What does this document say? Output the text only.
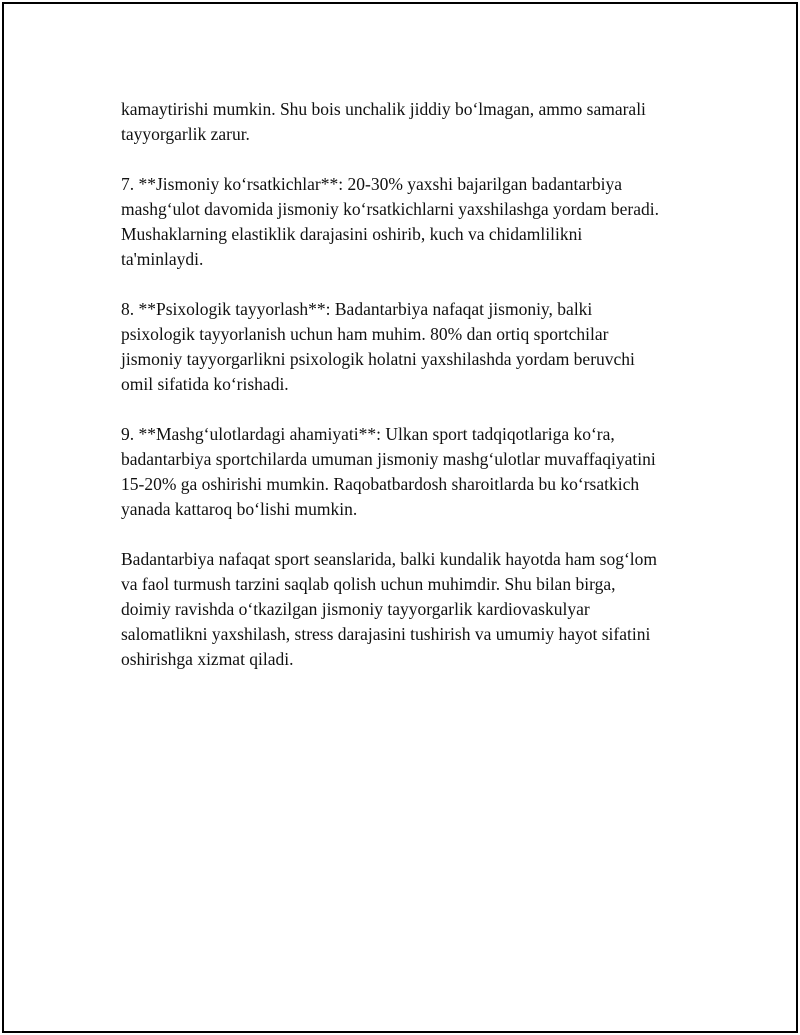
kamaytirishi mumkin. Shu bois unchalik jiddiy bo‘lmagan, ammo samarali
tayyorgarlik zarur.

7. **Jismoniy ko‘rsatkichlar**: 20-30% yaxshi bajarilgan badantarbiya
mashg‘ulot davomida jismoniy ko‘rsatkichlarni yaxshilashga yordam beradi.
Mushaklarning elastiklik darajasini oshirib, kuch va chidamlilikni
ta'minlaydi.

8. **Psixologik tayyorlash**: Badantarbiya nafaqat jismoniy, balki
psixologik tayyorlanish uchun ham muhim. 80% dan ortiq sportchilar
jismoniy tayyorgarlikni psixologik holatni yaxshilashda yordam beruvchi
omil sifatida ko‘rishadi.

9. **Mashg‘ulotlardagi ahamiyati**: Ulkan sport tadqiqotlariga ko‘ra,
badantarbiya sportchilarda umuman jismoniy mashg‘ulotlar muvaffaqiyatini
15-20% ga oshirishi mumkin. Raqobatbardosh sharoitlarda bu ko‘rsatkich
yanada kattaroq bo‘lishi mumkin.

Badantarbiya nafaqat sport seanslarida, balki kundalik hayotda ham sog‘lom
va faol turmush tarzini saqlab qolish uchun muhimdir. Shu bilan birga,
doimiy ravishda o‘tkazilgan jismoniy tayyorgarlik kardiovaskulyar
salomatlikni yaxshilash, stress darajasini tushirish va umumiy hayot sifatini
oshirishga xizmat qiladi.
